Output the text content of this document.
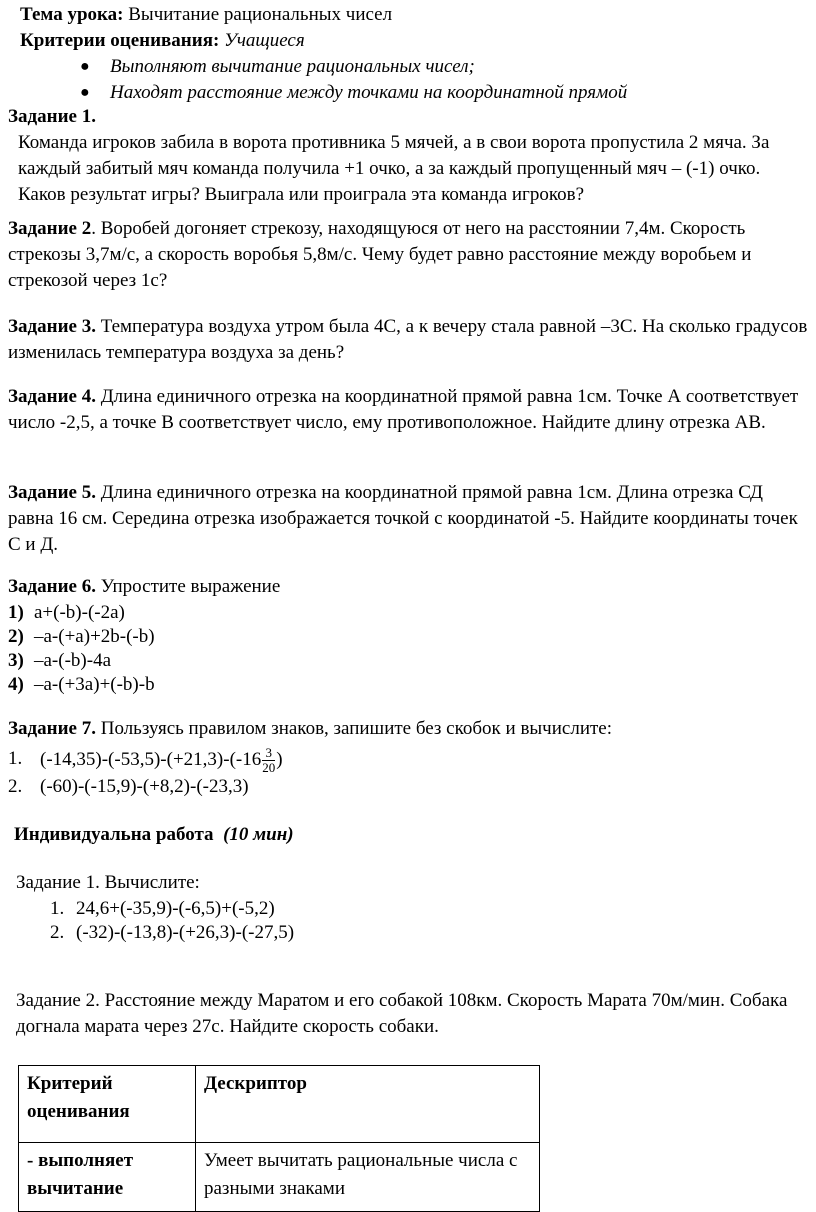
Тема урока: Вычитание рациональных чисел
Критерии оценивания: Учащиеся
● Выполняют вычитание рациональных чисел;
● Находят расстояние между точками на координатной прямой
Задание 1.
Команда игроков забила в ворота противника 5 мячей, а в свои ворота пропустила 2 мяча. За каждый забитый мяч команда получила +1 очко, а за каждый пропущенный мяч – (-1) очко. Каков результат игры? Выиграла или проиграла эта команда игроков?
Задание 2. Воробей догоняет стрекозу, находящуюся от него на расстоянии 7,4м. Скорость стрекозы 3,7м/с, а скорость воробья 5,8м/с. Чему будет равно расстояние между воробьем и стрекозой через 1с?
Задание 3. Температура воздуха утром была 4С, а к вечеру стала равной –3С. На сколько градусов изменилась температура воздуха за день?
Задание 4. Длина единичного отрезка на координатной прямой равна 1см. Точке А соответствует число -2,5, а точке В соответствует число, ему противоположное. Найдите длину отрезка АВ.
Задание 5. Длина единичного отрезка на координатной прямой равна 1см. Длина отрезка СД равна 16 см. Середина отрезка изображается точкой с координатой -5. Найдите координаты точек С и Д.
Задание 6. Упростите выражение
1) a+(-b)-(-2a)
2) –a-(+a)+2b-(-b)
3) –a-(-b)-4a
4) –a-(+3a)+(-b)-b
Задание 7. Пользуясь правилом знаков, запишите без скобок и вычислите:
1. $(-14,35)-(-53,5)-(+21,3)-(-16 \frac{3}{20}$ )
2. (-60)-(-15,9)-(+8,2)-(-23,3)
Индивидуальна работа (10 мин)
Задание 1. Вычислите:
1. 24,6+(-35,9)-(-6,5)+(-5,2)
2. (-32)-(-13,8)-(+26,3)-(-27,5)
Задание 2. Расстояние между Маратом и его собакой 108км. Скорость Марата 70м/мин. Собака догнала марата через 27с. Найдите скорость собаки.
Критерий оценивания	Дескриптор
- выполняет вычитание	Умеет вычитать рациональные числа с разными знаками
